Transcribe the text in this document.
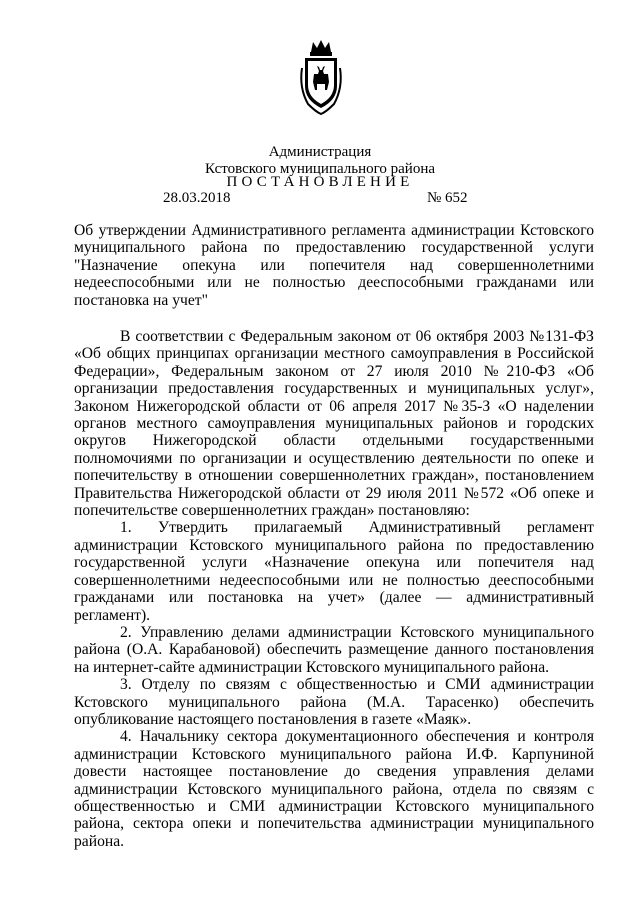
Администрация
Кстовского муниципального района
ПОСТАНОВЛЕНИЕ
28.03.2018	№ 652
Об утверждении Административного регламента администрации Кстовского муниципального района по предоставлению государственной услуги "Назначение опекуна или попечителя над совершеннолетними недееспособными или не полностью дееспособными гражданами или постановка на учет"

В соответствии с Федеральным законом от 06 октября 2003 №131-ФЗ «Об общих принципах организации местного самоуправления в Российской Федерации», Федеральным законом от 27 июля 2010 №210-ФЗ «Об организации предоставления государственных и муниципальных услуг», Законом Нижегородской области от 06 апреля 2017 №35-З «О наделении органов местного самоуправления муниципальных районов и городских округов Нижегородской области отдельными государственными полномочиями по организации и осуществлению деятельности по опеке и попечительству в отношении совершеннолетних граждан», постановлением Правительства Нижегородской области от 29 июля 2011 №572 «Об опеке и попечительстве совершеннолетних граждан» постановляю:

1. Утвердить прилагаемый Административный регламент администрации Кстовского муниципального района по предоставлению государственной услуги «Назначение опекуна или попечителя над совершеннолетними недееспособными или не полностью дееспособными гражданами или постановка на учет» (далее — административный регламент).

2. Управлению делами администрации Кстовского муниципального района (О.А. Карабановой) обеспечить размещение данного постановления на интернет-сайте администрации Кстовского муниципального района.

3. Отделу по связям с общественностью и СМИ администрации Кстовского муниципального района (М.А. Тарасенко) обеспечить опубликование настоящего постановления в газете «Маяк».

4. Начальнику сектора документационного обеспечения и контроля администрации Кстовского муниципального района И.Ф. Карпуниной довести настоящее постановление до сведения управления делами администрации Кстовского муниципального района, отдела по связям с общественностью и СМИ администрации Кстовского муниципального района, сектора опеки и попечительства администрации муниципального района.
